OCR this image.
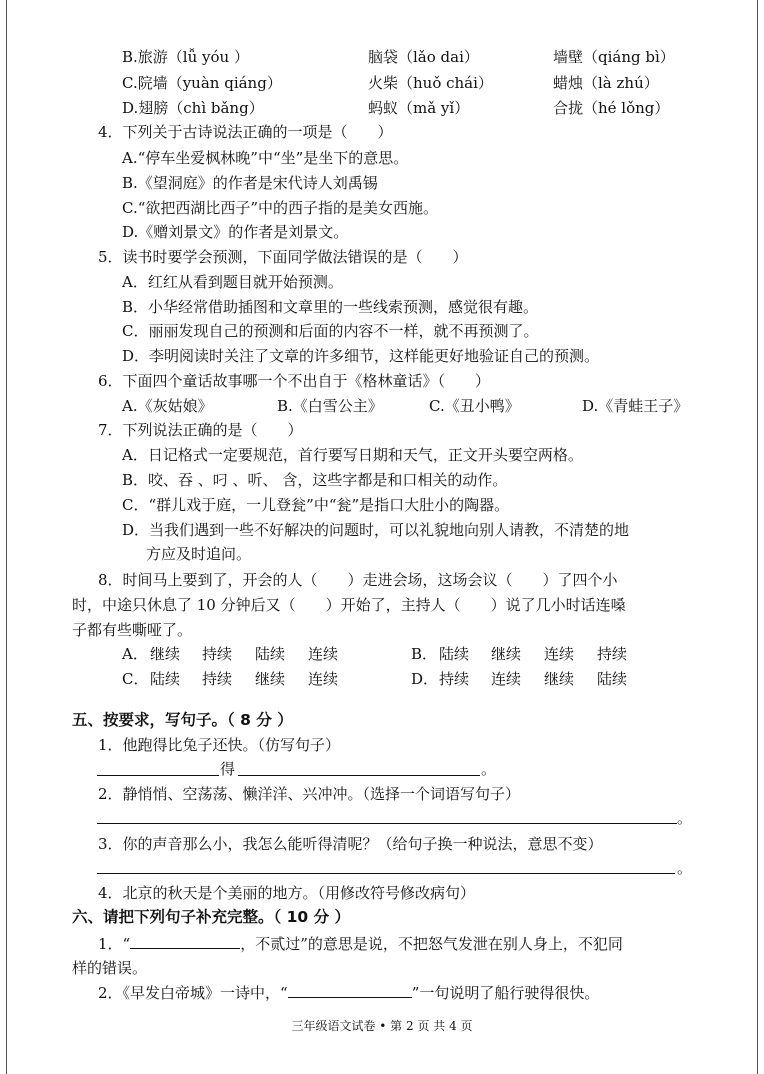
B.旅游（lǚ yóu ）	脑袋（lǎo dai）	墙壁（qiáng bì）
C.院墙（yuàn qiáng）	火柴（huǒ chái）	蜡烛（là zhú）
D.翅膀（chì bǎng）	蚂蚁（mǎ yǐ）	合拢（hé lǒng）
4．下列关于古诗说法正确的一项是（　　）
A.“停车坐爱枫林晚”中“坐”是坐下的意思。
B.《望洞庭》的作者是宋代诗人刘禹锡
C.“欲把西湖比西子”中的西子指的是美女西施。
D.《赠刘景文》的作者是刘景文。
5．读书时要学会预测，下面同学做法错误的是（　　）
A．红红从看到题目就开始预测。
B．小华经常借助插图和文章里的一些线索预测，感觉很有趣。
C．丽丽发现自己的预测和后面的内容不一样，就不再预测了。
D．李明阅读时关注了文章的许多细节，这样能更好地验证自己的预测。
6．下面四个童话故事哪一个不出自于《格林童话》（　　）
A.《灰姑娘》	B.《白雪公主》	C.《丑小鸭》	D.《青蛙王子》
7．下列说法正确的是（　　）
A．日记格式一定要规范，首行要写日期和天气，正文开头要空两格。
B．咬、吞 、叼 、听、 含，这些字都是和口相关的动作。
C．“群儿戏于庭，一儿登瓮”中“瓮”是指口大肚小的陶器。
D．当我们遇到一些不好解决的问题时，可以礼貌地向别人请教，不清楚的地
方应及时追问。
8．时间马上要到了，开会的人（　　）走进会场，这场会议（　　）了四个小
时，中途只休息了 10 分钟后又（　　）开始了，主持人（　　）说了几小时话连嗓
子都有些嘶哑了。
A． 继续 持续 陆续 连续	B． 陆续 继续 连续 持续
C． 陆续 持续 继续 连续	D． 持续 连续 继续 陆续
五、按要求，写句子。（ 8 分 ）
1．他跑得比兔子还快。（仿写句子）
得	。
2．静悄悄、空荡荡、懒洋洋、兴冲冲。（选择一个词语写句子）
。
3．你的声音那么小，我怎么能听得清呢？（给句子换一种说法，意思不变）
。
4．北京的秋天是个美丽的地方。（用修改符号修改病句）
六、请把下列句子补充完整。（ 10 分 ）
1．“	，不贰过”的意思是说，不把怒气发泄在别人身上，不犯同
样的错误。
2．《早发白帝城》一诗中，“	”一句说明了船行驶得很快。
三年级语文试卷 • 第 2 页 共 4 页
